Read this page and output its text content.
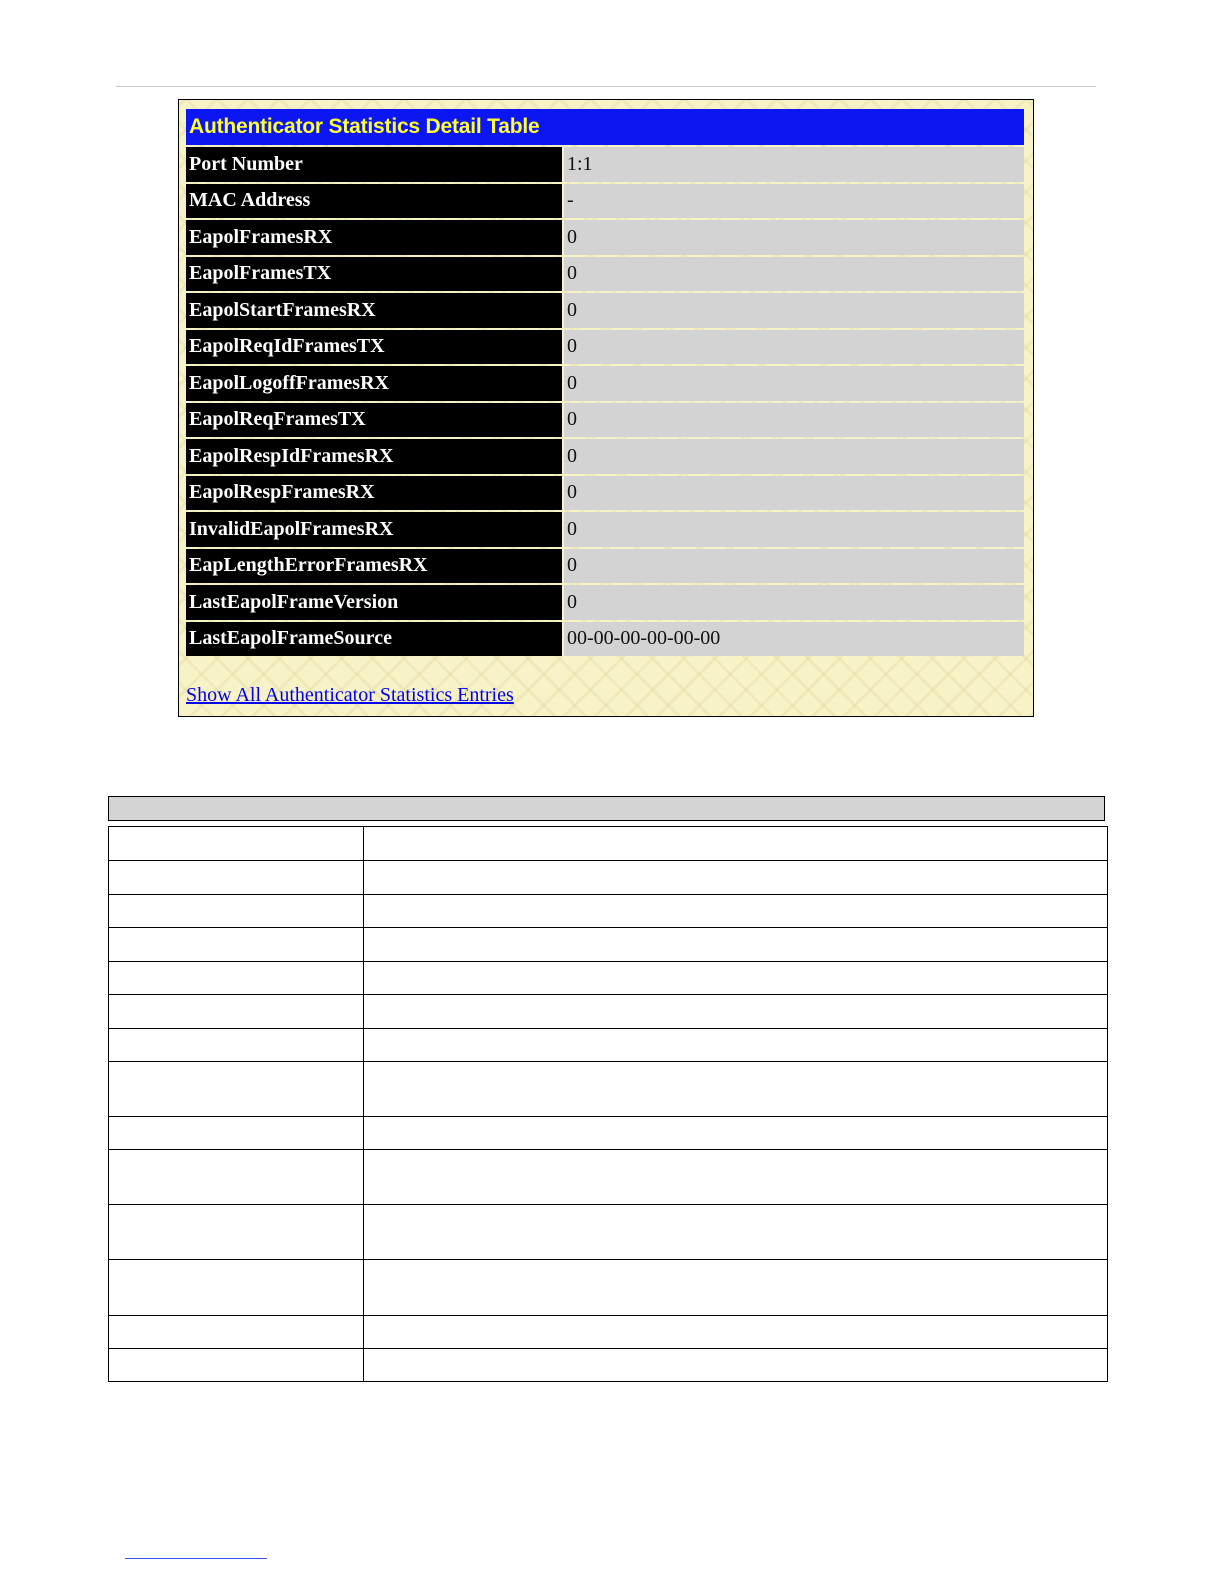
Authenticator Statistics Detail Table	
Port Number	1:1
MAC Address	-
EapolFramesRX	0
EapolFramesTX	0
EapolStartFramesRX	0
EapolReqIdFramesTX	0
EapolLogoffFramesRX	0
EapolReqFramesTX	0
EapolRespIdFramesRX	0
EapolRespFramesRX	0
InvalidEapolFramesRX	0
EapLengthErrorFramesRX	0
LastEapolFrameVersion	0
LastEapolFrameSource	00-00-00-00-00-00
Show All Authenticator Statistics Entries
